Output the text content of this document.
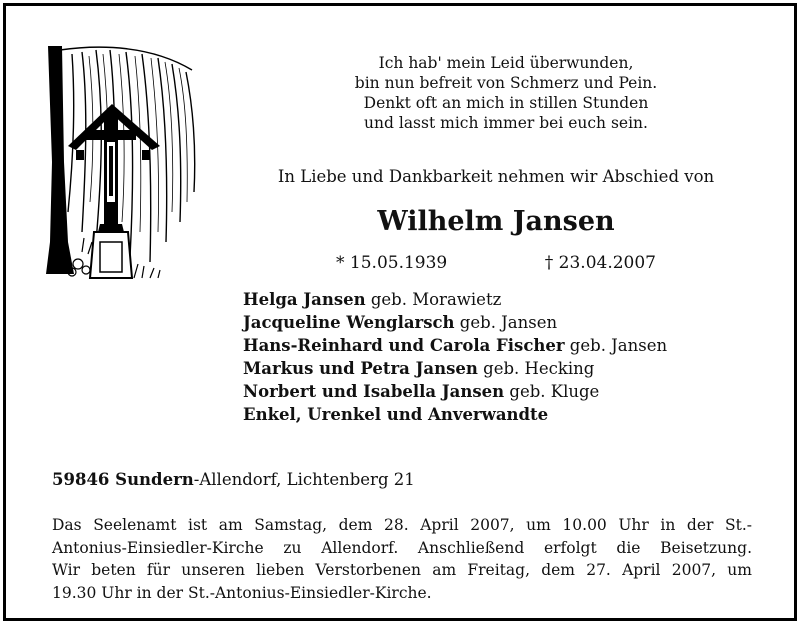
Ich hab' mein Leid überwunden,
bin nun befreit von Schmerz und Pein.
Denkt oft an mich in stillen Stunden
und lasst mich immer bei euch sein.
In Liebe und Dankbarkeit nehmen wir Abschied von
Wilhelm Jansen
* 15.05.1939	† 23.04.2007
Helga Jansen geb. Morawietz
Jacqueline Wenglarsch geb. Jansen
Hans-Reinhard und Carola Fischer geb. Jansen
Markus und Petra Jansen geb. Hecking
Norbert und Isabella Jansen geb. Kluge
Enkel, Urenkel und Anverwandte
59846 Sundern-Allendorf, Lichtenberg 21

Das Seelenamt ist am Samstag, dem 28. April 2007, um 10.00 Uhr in der St.-

Antonius-Einsiedler-Kirche zu Allendorf. Anschließend erfolgt die Beisetzung.

Wir beten für unseren lieben Verstorbenen am Freitag, dem 27. April 2007, um

19.30 Uhr in der St.-Antonius-Einsiedler-Kirche.
